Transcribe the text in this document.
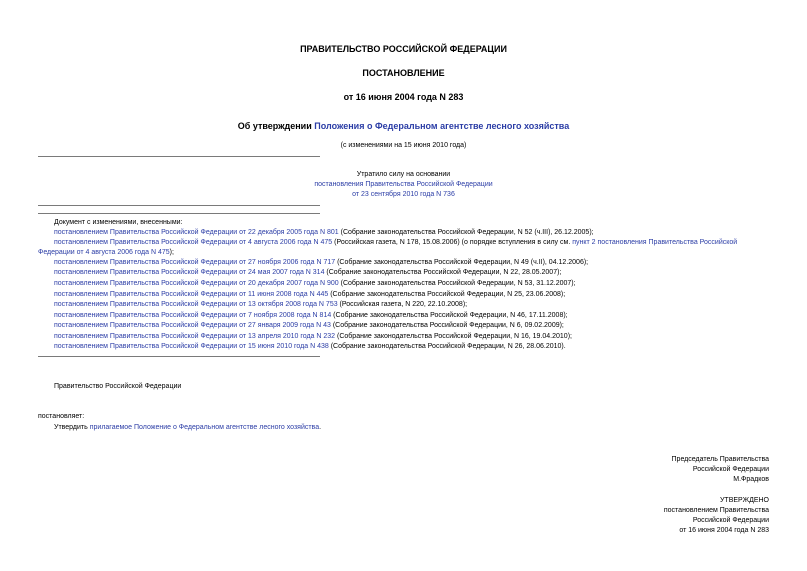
ПРАВИТЕЛЬСТВО РОССИЙСКОЙ ФЕДЕРАЦИИ
ПОСТАНОВЛЕНИЕ
от 16 июня 2004 года N 283
Об утверждении Положения о Федеральном агентстве лесного хозяйства
(с изменениями на 15 июня 2010 года)
Утратило силу на основании
постановления Правительства Российской Федерации
от 23 сентября 2010 года N 736
Документ с изменениями, внесенными:
постановлением Правительства Российской Федерации от 22 декабря 2005 года N 801 (Собрание законодательства Российской Федерации, N 52 (ч.III), 26.12.2005);
постановлением Правительства Российской Федерации от 4 августа 2006 года N 475 (Российская газета, N 178, 15.08.2006) (о порядке вступления в силу см. пункт 2 постановления Правительства Российской
Федерации от 4 августа 2006 года N 475);
постановлением Правительства Российской Федерации от 27 ноября 2006 года N 717 (Собрание законодательства Российской Федерации, N 49 (ч.II), 04.12.2006);
постановлением Правительства Российской Федерации от 24 мая 2007 года N 314 (Собрание законодательства Российской Федерации, N 22, 28.05.2007);
постановлением Правительства Российской Федерации от 20 декабря 2007 года N 900 (Собрание законодательства Российской Федерации, N 53, 31.12.2007);
постановлением Правительства Российской Федерации от 11 июня 2008 года N 445 (Собрание законодательства Российской Федерации, N 25, 23.06.2008);
постановлением Правительства Российской Федерации от 13 октября 2008 года N 753 (Российская газета, N 220, 22.10.2008);
постановлением Правительства Российской Федерации от 7 ноября 2008 года N 814 (Собрание законодательства Российской Федерации, N 46, 17.11.2008);
постановлением Правительства Российской Федерации от 27 января 2009 года N 43 (Собрание законодательства Российской Федерации, N 6, 09.02.2009);
постановлением Правительства Российской Федерации от 13 апреля 2010 года N 232 (Собрание законодательства Российской Федерации, N 16, 19.04.2010);
постановлением Правительства Российской Федерации от 15 июня 2010 года N 438 (Собрание законодательства Российской Федерации, N 26, 28.06.2010).
Правительство Российской Федерации
постановляет:
Утвердить прилагаемое Положение о Федеральном агентстве лесного хозяйства.
Председатель Правительства
Российской Федерации
М.Фрадков
УТВЕРЖДЕНО
постановлением Правительства
Российской Федерации
от 16 июня 2004 года N 283
